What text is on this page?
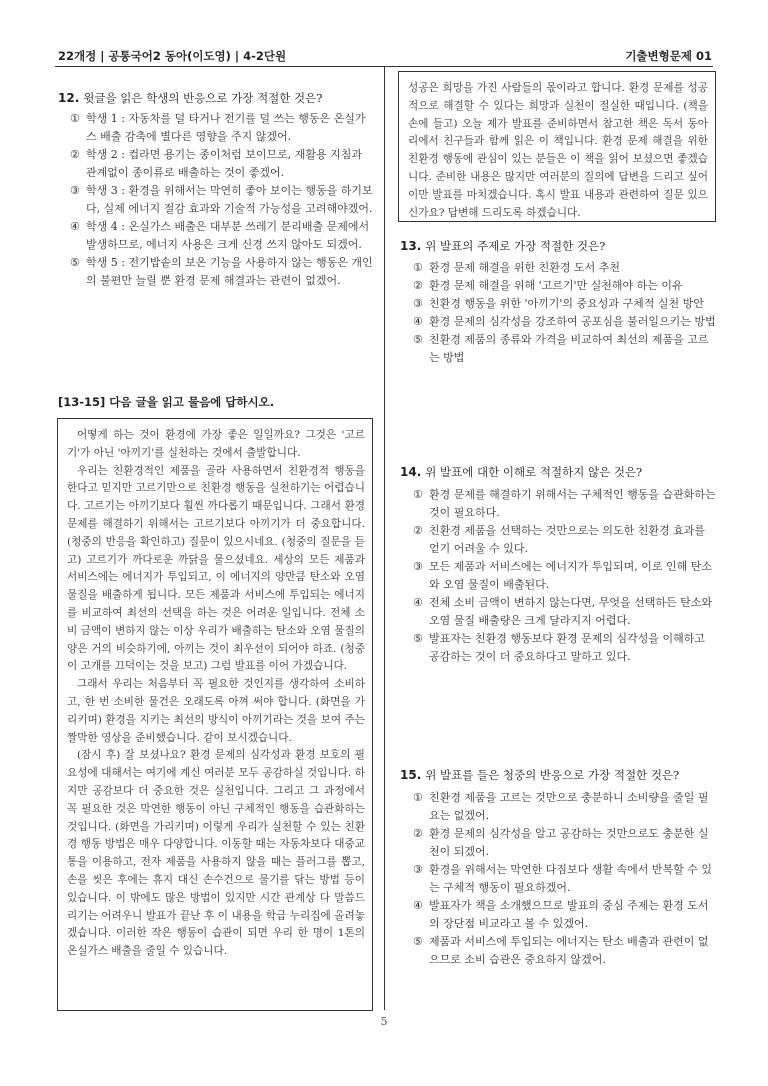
22개정 | 공통국어2 동아(이도영) | 4-2단원	기출변형문제 01
12. 윗글을 읽은 학생의 반응으로 가장 적절한 것은?
① 학생 1 : 자동차를 덜 타거나 전기를 덜 쓰는 행동은 온실가스 배출 감축에 별다른 영향을 주지 않겠어.
② 학생 2 : 컵라면 용기는 종이처럼 보이므로, 재활용 지침과 관계없이 종이류로 배출하는 것이 좋겠어.
③ 학생 3 : 환경을 위해서는 막연히 좋아 보이는 행동을 하기보다, 실제 에너지 절감 효과와 기술적 가능성을 고려해야겠어.
④ 학생 4 : 온실가스 배출은 대부분 쓰레기 분리배출 문제에서 발생하므로, 에너지 사용은 크게 신경 쓰지 않아도 되겠어.
⑤ 학생 5 : 전기밥솥의 보온 기능을 사용하지 않는 행동은 개인의 불편만 늘릴 뿐 환경 문제 해결과는 관련이 없겠어.
[13-15] 다음 글을 읽고 물음에 답하시오.

어떻게 하는 것이 환경에 가장 좋은 일일까요? 그것은 '고르기'가 아닌 '아끼기'를 실천하는 것에서 출발합니다.

우리는 친환경적인 제품을 골라 사용하면서 친환경적 행동을 한다고 믿지만 고르기만으로 친환경 행동을 실천하기는 어렵습니다. 고르기는 아끼기보다 훨씬 까다롭기 때문입니다. 그래서 환경 문제를 해결하기 위해서는 고르기보다 아끼기가 더 중요합니다. (청중의 반응을 확인하고) 질문이 있으시네요. (청중의 질문을 듣고) 고르기가 까다로운 까닭을 물으셨네요. 세상의 모든 제품과 서비스에는 에너지가 투입되고, 이 에너지의 양만큼 탄소와 오염 물질을 배출하게 됩니다. 모든 제품과 서비스에 투입되는 에너지를 비교하여 최선의 선택을 하는 것은 어려운 일입니다. 전체 소비 금액이 변하지 않는 이상 우리가 배출하는 탄소와 오염 물질의 양은 거의 비슷하기에, 아끼는 것이 최우선이 되어야 하죠. (청중이 고개를 끄덕이는 것을 보고) 그럼 발표를 이어 가겠습니다.

그래서 우리는 처음부터 꼭 필요한 것인지를 생각하여 소비하고, 한 번 소비한 물건은 오래도록 아껴 써야 합니다. (화면을 가리키며) 환경을 지키는 최선의 방식이 아끼기라는 것을 보여 주는 짤막한 영상을 준비했습니다. 같이 보시겠습니다.

(잠시 후) 잘 보셨나요? 환경 문제의 심각성과 환경 보호의 필요성에 대해서는 여기에 계신 여러분 모두 공감하실 것입니다. 하지만 공감보다 더 중요한 것은 실천입니다. 그리고 그 과정에서 꼭 필요한 것은 막연한 행동이 아닌 구체적인 행동을 습관화하는 것입니다. (화면을 가리키며) 이렇게 우리가 실천할 수 있는 친환경 행동 방법은 매우 다양합니다. 이동할 때는 자동차보다 대중교통을 이용하고, 전자 제품을 사용하지 않을 때는 플러그를 뽑고, 손을 씻은 후에는 휴지 대신 손수건으로 물기를 닦는 방법 등이 있습니다. 이 밖에도 많은 방법이 있지만 시간 관계상 다 말씀드리기는 어려우니 발표가 끝난 후 이 내용을 학급 누리집에 올려놓겠습니다. 이러한 작은 행동이 습관이 되면 우리 한 명이 1톤의 온실가스 배출을 줄일 수 있습니다.

성공은 희망을 가진 사람들의 몫이라고 합니다. 환경 문제를 성공적으로 해결할 수 있다는 희망과 실천이 절실한 때입니다. (책을 손에 들고) 오늘 제가 발표를 준비하면서 참고한 책은 독서 동아리에서 친구들과 함께 읽은 이 책입니다. 환경 문제 해결을 위한 친환경 행동에 관심이 있는 분들은 이 책을 읽어 보셨으면 좋겠습니다. 준비한 내용은 많지만 여러분의 질의에 답변을 드리고 싶어 이만 발표를 마치겠습니다. 혹시 발표 내용과 관련하여 질문 있으신가요? 답변해 드리도록 하겠습니다.

13. 위 발표의 주제로 가장 적절한 것은?
① 환경 문제 해결을 위한 친환경 도서 추천
② 환경 문제 해결을 위해 '고르기'만 실천해야 하는 이유
③ 친환경 행동을 위한 '아끼기'의 중요성과 구체적 실천 방안
④ 환경 문제의 심각성을 강조하여 공포심을 불러일으키는 방법
⑤ 친환경 제품의 종류와 가격을 비교하여 최선의 제품을 고르는 방법
14. 위 발표에 대한 이해로 적절하지 않은 것은?
① 환경 문제를 해결하기 위해서는 구체적인 행동을 습관화하는 것이 필요하다.
② 친환경 제품을 선택하는 것만으로는 의도한 친환경 효과를 얻기 어려울 수 있다.
③ 모든 제품과 서비스에는 에너지가 투입되며, 이로 인해 탄소와 오염 물질이 배출된다.
④ 전체 소비 금액이 변하지 않는다면, 무엇을 선택하든 탄소와 오염 물질 배출량은 크게 달라지지 어렵다.
⑤ 발표자는 친환경 행동보다 환경 문제의 심각성을 이해하고 공감하는 것이 더 중요하다고 말하고 있다.
15. 위 발표를 들은 청중의 반응으로 가장 적절한 것은?
① 친환경 제품을 고르는 것만으로 충분하니 소비량을 줄일 필요는 없겠어.
② 환경 문제의 심각성을 알고 공감하는 것만으로도 충분한 실천이 되겠어.
③ 환경을 위해서는 막연한 다짐보다 생활 속에서 반복할 수 있는 구체적 행동이 필요하겠어.
④ 발표자가 책을 소개했으므로 발표의 중심 주제는 환경 도서의 장단점 비교라고 볼 수 있겠어.
⑤ 제품과 서비스에 투입되는 에너지는 탄소 배출과 관련이 없으므로 소비 습관은 중요하지 않겠어.
5
